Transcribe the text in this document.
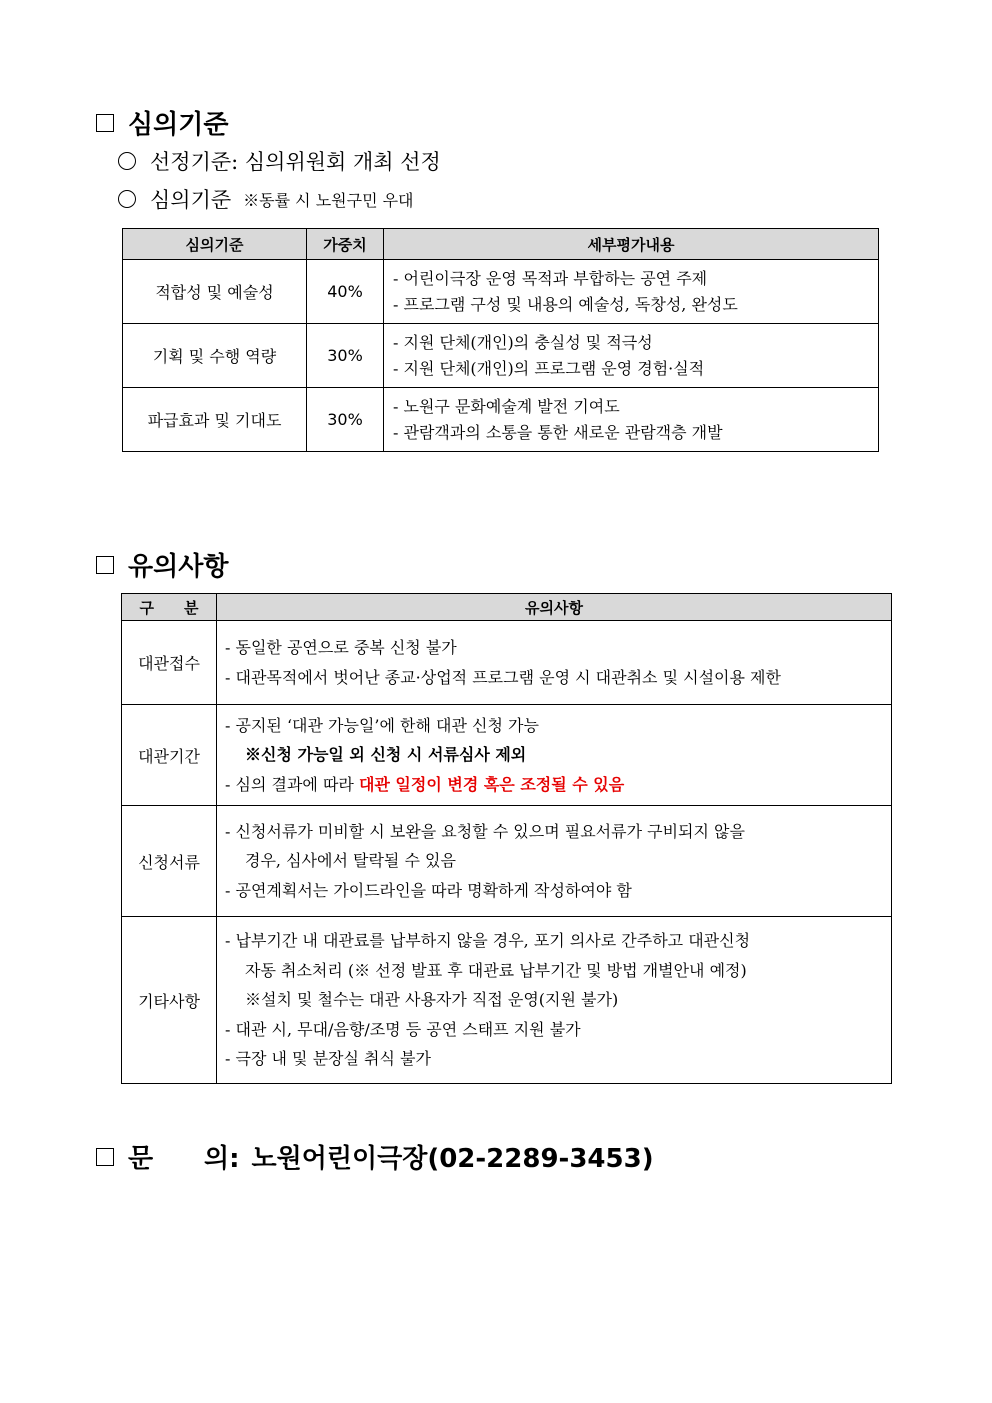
심의기준
선정기준: 심의위원회 개최 선정
심의기준 ※동률 시 노원구민 우대
심의기준	가중치	세부평가내용
적합성 및 예술성	40%	- 어린이극장 운영 목적과 부합하는 공연 주제
- 프로그램 구성 및 내용의 예술성, 독창성, 완성도

기획 및 수행 역량	30%	- 지원 단체(개인)의 충실성 및 적극성
- 지원 단체(개인)의 프로그램 운영 경험·실적

파급효과 및 기대도	30%	- 노원구 문화예술계 발전 기여도
- 관람객과의 소통을 통한 새로운 관람객층 개발
유의사항
구　　분	유의사항
대관접수	- 동일한 공연으로 중복 신청 불가
- 대관목적에서 벗어난 종교·상업적 프로그램 운영 시 대관취소 및 시설이용 제한

대관기간	- 공지된 ‘대관 가능일’에 한해 대관 신청 가능
※신청 가능일 외 신청 시 서류심사 제외
- 심의 결과에 따라 대관 일정이 변경 혹은 조정될 수 있음

신청서류	- 신청서류가 미비할 시 보완을 요청할 수 있으며 필요서류가 구비되지 않을
경우, 심사에서 탈락될 수 있음
- 공연계획서는 가이드라인을 따라 명확하게 작성하여야 함

기타사항	- 납부기간 내 대관료를 납부하지 않을 경우, 포기 의사로 간주하고 대관신청
자동 취소처리 (※ 선정 발표 후 대관료 납부기간 및 방법 개별안내 예정)
※설치 및 철수는 대관 사용자가 직접 운영(지원 불가)
- 대관 시, 무대/음향/조명 등 공연 스태프 지원 불가
- 극장 내 및 분장실 취식 불가
문	의: 노원어린이극장(02-2289-3453)
